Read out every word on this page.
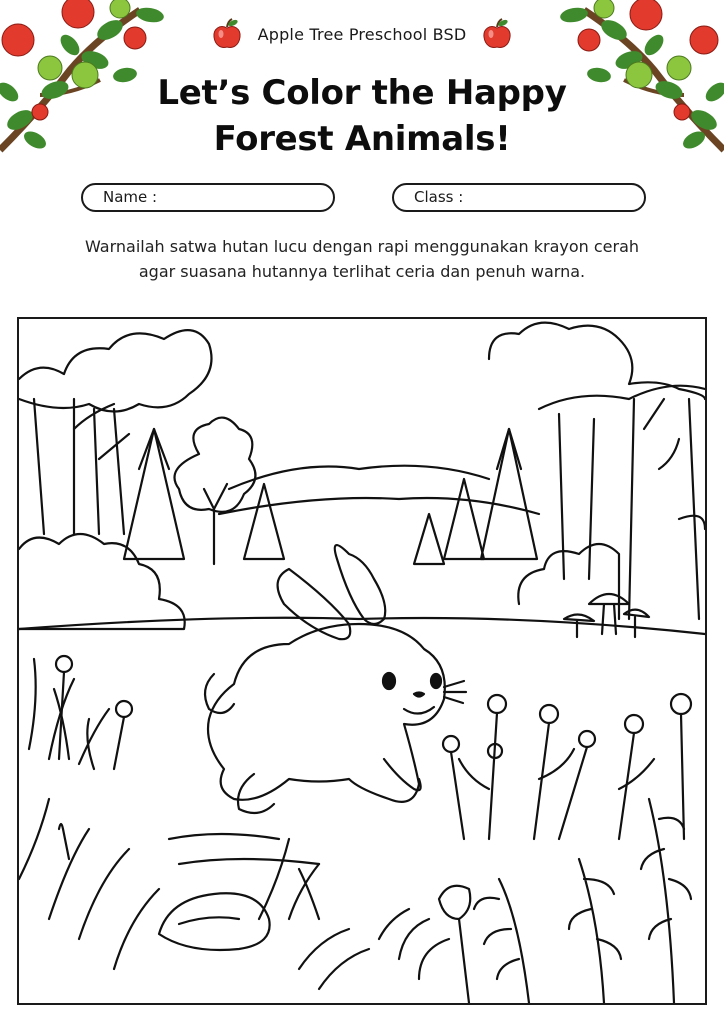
Apple Tree Preschool BSD
Let’s Color the Happy
Forest Animals!
Name :	Class :
Warnailah satwa hutan lucu dengan rapi menggunakan krayon cerah
agar suasana hutannya terlihat ceria dan penuh warna.
